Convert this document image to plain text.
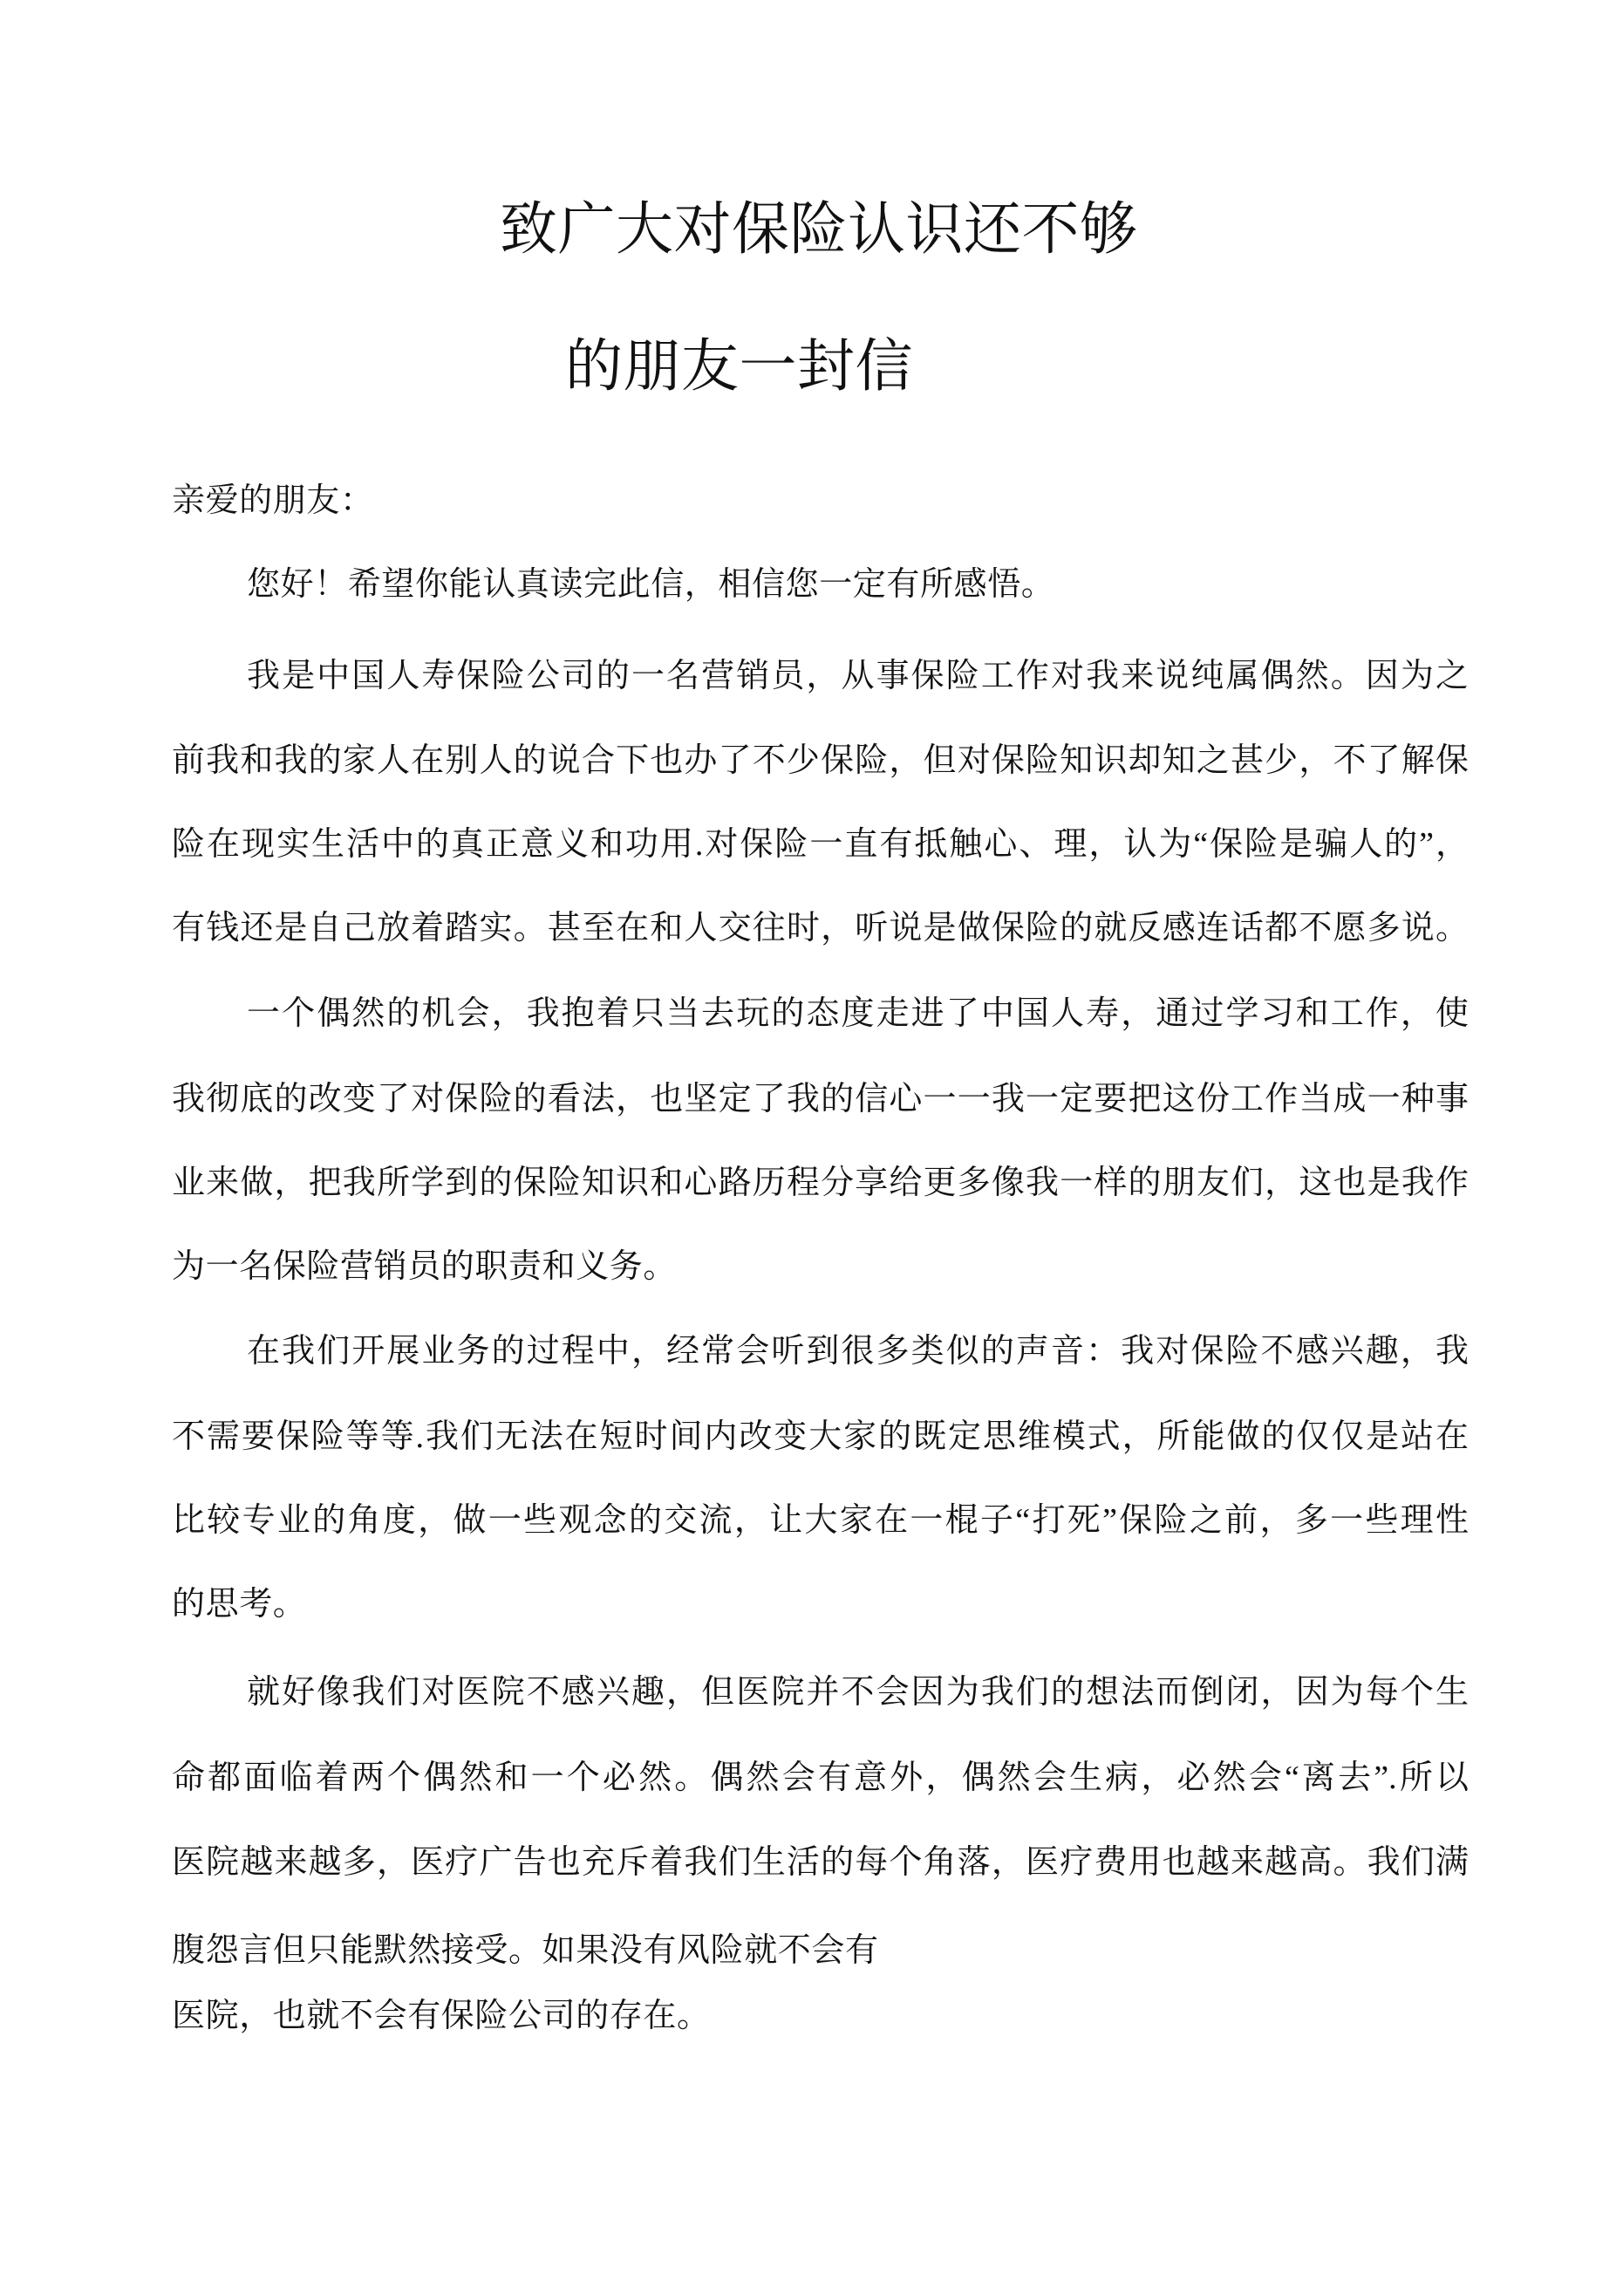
致广大对保险认识还不够
的朋友一封信
亲爱的朋友：
您好！希望你能认真读完此信，相信您一定有所感悟。
我是中国人寿保险公司的一名营销员，从事保险工作对我来说纯属偶然。因为之
前我和我的家人在别人的说合下也办了不少保险，但对保险知识却知之甚少，不了解保
险在现实生活中的真正意义和功用.对保险一直有抵触心、理，认为“保险是骗人的”，
有钱还是自己放着踏实。甚至在和人交往时，听说是做保险的就反感连话都不愿多说。
一个偶然的机会，我抱着只当去玩的态度走进了中国人寿，通过学习和工作，使
我彻底的改变了对保险的看法，也坚定了我的信心一一我一定要把这份工作当成一种事
业来做，把我所学到的保险知识和心路历程分享给更多像我一样的朋友们，这也是我作
为一名保险营销员的职责和义务。
在我们开展业务的过程中，经常会听到很多类似的声音：我对保险不感兴趣，我
不需要保险等等.我们无法在短时间内改变大家的既定思维模式，所能做的仅仅是站在
比较专业的角度，做一些观念的交流，让大家在一棍子“打死”保险之前，多一些理性
的思考。
就好像我们对医院不感兴趣，但医院并不会因为我们的想法而倒闭，因为每个生
命都面临着两个偶然和一个必然。偶然会有意外，偶然会生病，必然会“离去”.所以
医院越来越多，医疗广告也充斥着我们生活的每个角落，医疗费用也越来越高。我们满
腹怨言但只能默然接受。如果没有风险就不会有
医院，也就不会有保险公司的存在。
